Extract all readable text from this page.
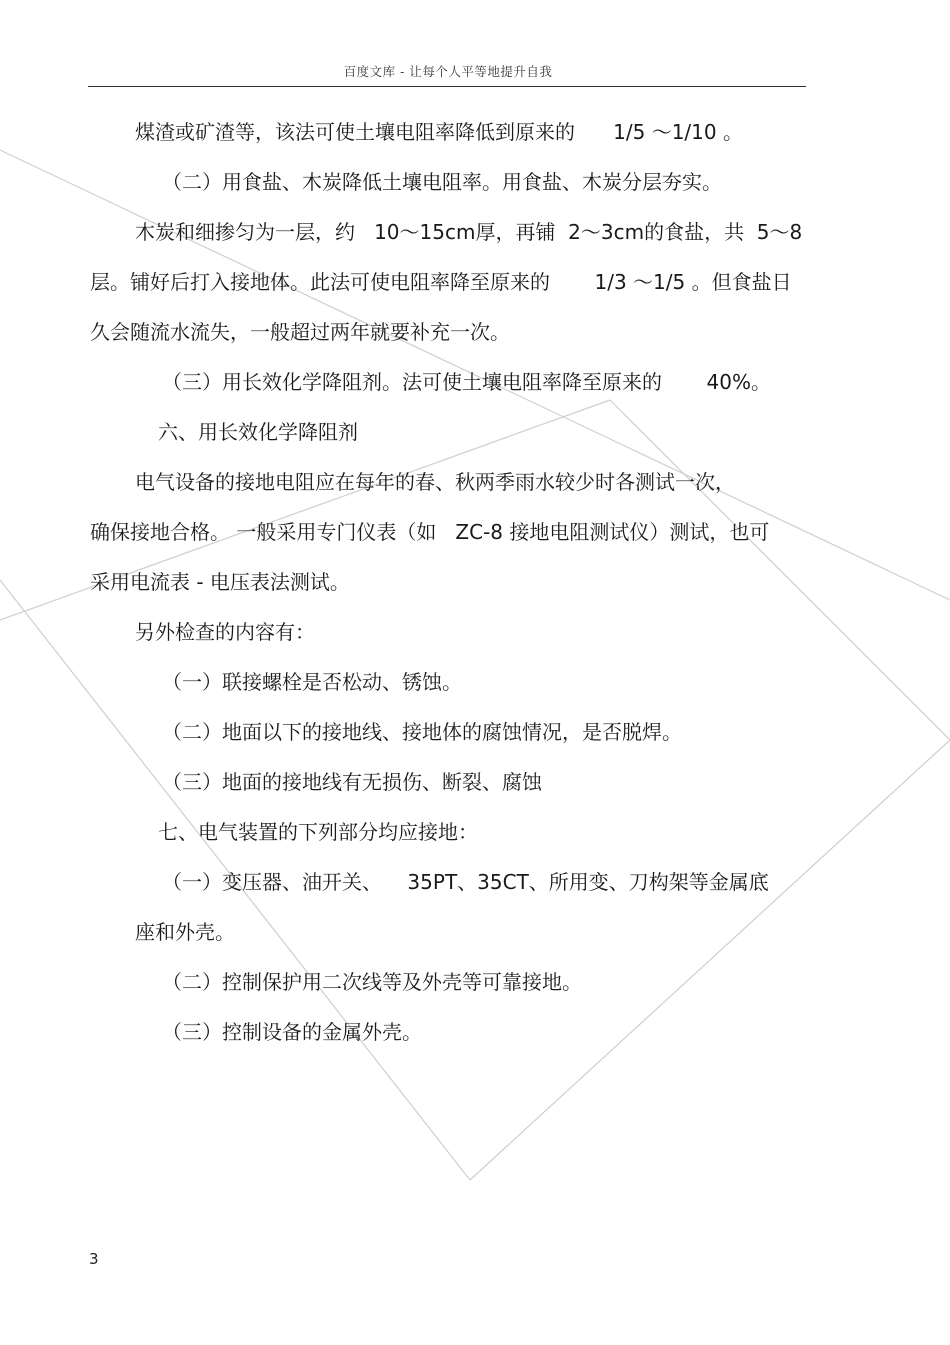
百度文库 - 让每个人平等地提升自我
煤渣或矿渣等，该法可使土壤电阻率降低到原来的      1/5 ～1/10 。
（二）用食盐、木炭降低土壤电阻率。用食盐、木炭分层夯实。
木炭和细掺匀为一层，约   10～15cm厚，再铺  2～3cm的食盐，共  5～8
层。铺好后打入接地体。此法可使电阻率降至原来的       1/3 ～1/5 。但食盐日
久会随流水流失，一般超过两年就要补充一次。
（三）用长效化学降阻剂。法可使土壤电阻率降至原来的       40%。
六、用长效化学降阻剂
电气设备的接地电阻应在每年的春、秋两季雨水较少时各测试一次，
确保接地合格。 一般采用专门仪表（如   ZC-8 接地电阻测试仪）测试，也可
采用电流表 - 电压表法测试。
另外检查的内容有：
（一）联接螺栓是否松动、锈蚀。
（二）地面以下的接地线、接地体的腐蚀情况，是否脱焊。
（三）地面的接地线有无损伤、断裂、腐蚀
七、电气装置的下列部分均应接地：
（一）变压器、油开关、    35PT、35CT、所用变、刀构架等金属底
座和外壳。
（二）控制保护用二次线等及外壳等可靠接地。
（三）控制设备的金属外壳。
3
